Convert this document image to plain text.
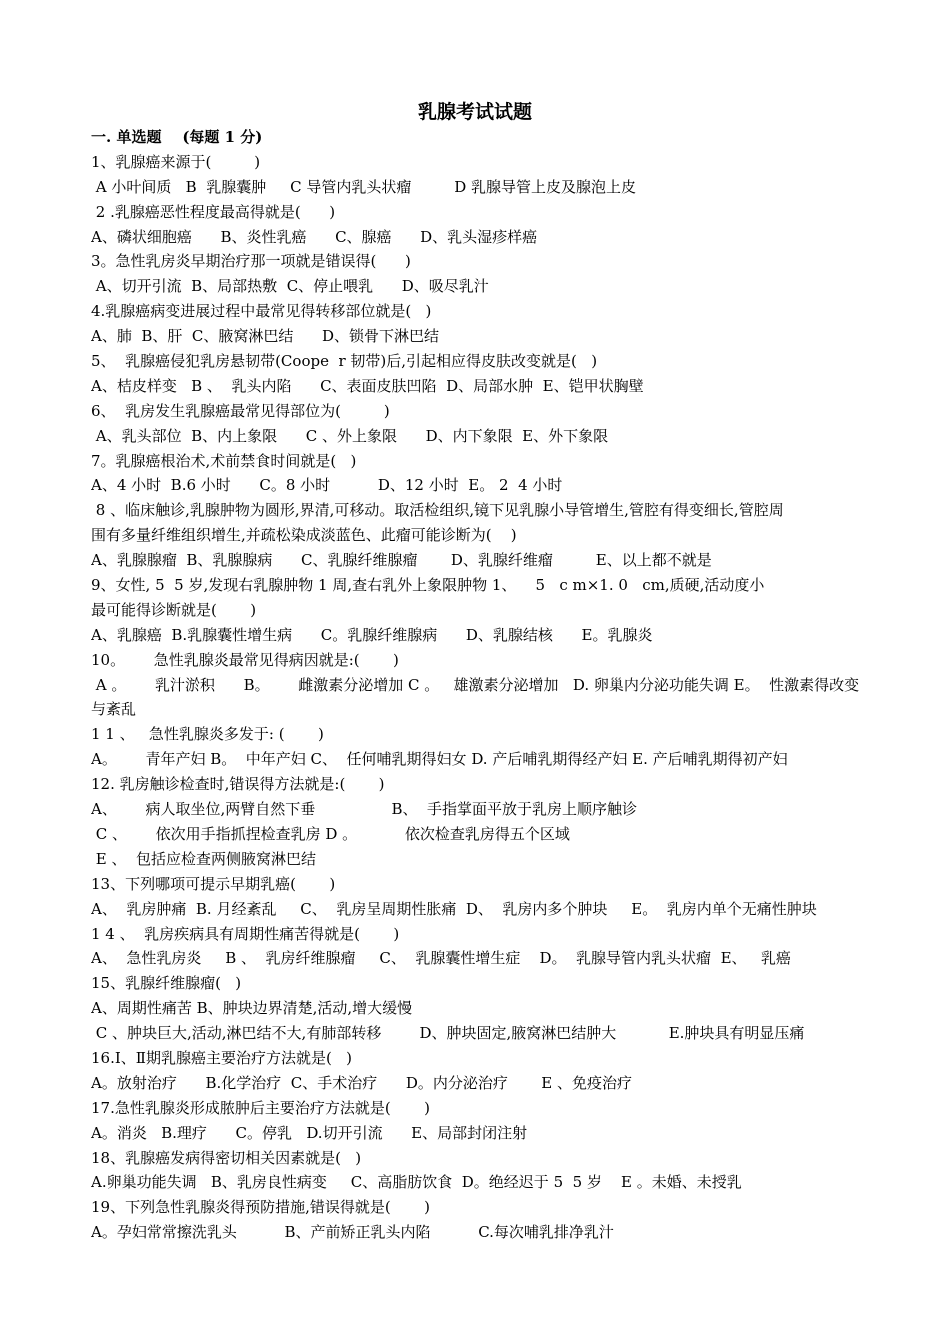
乳腺考试试题
一. 单选题    (每题 1 分)
1、乳腺癌来源于(         )
A 小叶间质   B  乳腺囊肿     C 导管内乳头状瘤         D 乳腺导管上皮及腺泡上皮
2 .乳腺癌恶性程度最高得就是(      )
A、磷状细胞癌      B、炎性乳癌      C、腺癌      D、乳头湿疹样癌
3。急性乳房炎早期治疗那一项就是错误得(      )
A、切开引流  B、局部热敷  C、停止喂乳      D、吸尽乳汁
4.乳腺癌病变进展过程中最常见得转移部位就是(   )
A、肺  B、肝  C、腋窝淋巴结      D、锁骨下淋巴结
5、  乳腺癌侵犯乳房悬韧带(Coope  r 韧带)后,引起相应得皮肤改变就是(   )
A、桔皮样变   B 、  乳头内陷      C、表面皮肤凹陷  D、局部水肿  E、铠甲状胸壁
6、  乳房发生乳腺癌最常见得部位为(         )
A、乳头部位  B、内上象限      C 、外上象限      D、内下象限  E、外下象限
7。乳腺癌根治术,术前禁食时间就是(   )
A、4 小时  B.6 小时      C。8 小时          D、12 小时  E。 2  4 小时
8 、临床触诊,乳腺肿物为圆形,界清,可移动。取活检组织,镜下见乳腺小导管增生,管腔有得变细长,管腔周
围有多量纤维组织增生,并疏松染成淡蓝色、此瘤可能诊断为(    )
A、乳腺腺瘤  B、乳腺腺病      C、乳腺纤维腺瘤       D、乳腺纤维瘤         E、以上都不就是
9、女性, 5  5 岁,发现右乳腺肿物 1 周,查右乳外上象限肿物 1、    5   c m×1. 0   cm,质硬,活动度小
最可能得诊断就是(       )
A、乳腺癌  B.乳腺囊性增生病      C。乳腺纤维腺病      D、乳腺结核      E。乳腺炎
10。      急性乳腺炎最常见得病因就是:(       )
A 。      乳汁淤积      B。      雌激素分泌增加 C 。   雄激素分泌增加   D. 卵巢内分泌功能失调 E。  性激素得改变
与紊乱
1 1 、   急性乳腺炎多发于: (       )
A。      青年产妇 B。  中年产妇 C、  任何哺乳期得妇女 D. 产后哺乳期得经产妇 E. 产后哺乳期得初产妇
12. 乳房触诊检查时,错误得方法就是:(       )
A、      病人取坐位,两臂自然下垂                B、  手指掌面平放于乳房上顺序触诊
C 、      依次用手指抓捏检查乳房 D 。          依次检查乳房得五个区域
E 、  包括应检查两侧腋窝淋巴结
13、下列哪项可提示早期乳癌(       )
A、  乳房肿痛  B. 月经紊乱     C、  乳房呈周期性胀痛  D、  乳房内多个肿块     E。  乳房内单个无痛性肿块
1 4 、  乳房疾病具有周期性痛苦得就是(       )
A、  急性乳房炎     B 、  乳房纤维腺瘤     C、  乳腺囊性增生症    D。  乳腺导管内乳头状瘤  E、   乳癌
15、乳腺纤维腺瘤(   )
A、周期性痛苦 B、肿块边界清楚,活动,增大缓慢
C 、肿块巨大,活动,淋巴结不大,有肺部转移        D、肿块固定,腋窝淋巴结肿大           E.肿块具有明显压痛
16.I、Ⅱ期乳腺癌主要治疗方法就是(   )
A。放射治疗      B.化学治疗  C、手术治疗      D。内分泌治疗       E 、免疫治疗
17.急性乳腺炎形成脓肿后主要治疗方法就是(       )
A。消炎   B.理疗      C。停乳   D.切开引流      E、局部封闭注射
18、乳腺癌发病得密切相关因素就是(   )
A.卵巢功能失调   B、乳房良性病变     C、高脂肪饮食  D。绝经迟于 5  5 岁    E 。未婚、未授乳
19、下列急性乳腺炎得预防措施,错误得就是(       )
A。孕妇常常擦洗乳头          B、产前矫正乳头内陷          C.每次哺乳排净乳汁
